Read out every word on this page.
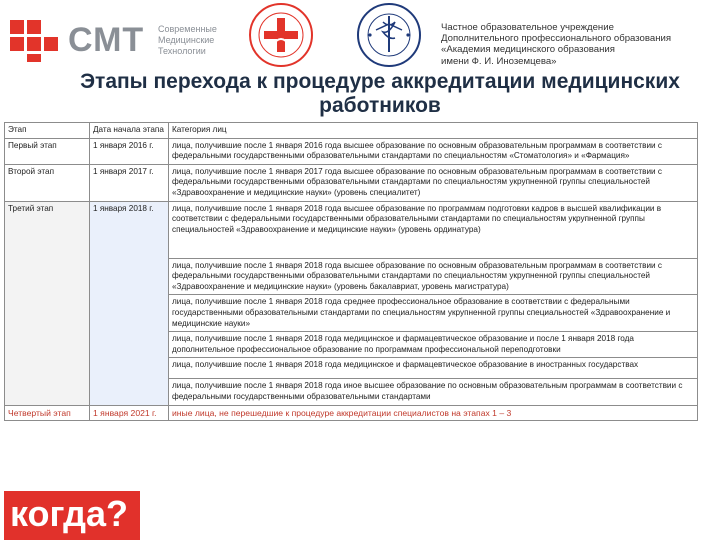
СМТ Современные
Медицинские
Технологии
Частное образовательное учреждение
Дополнительного профессионального образования
«Академия медицинского образования
имени Ф. И. Иноземцева»
Этапы перехода к процедуре аккредитации медицинских работников
Этап	Дата начала этапа	Категория лиц
Первый этап	1 января 2016 г.	лица, получившие после 1 января 2016 года высшее образование по основным образовательным программам в соответствии с федеральными государственными образовательными стандартами по специальностям «Стоматология» и «Фармация»
Второй этап	1 января 2017 г.	лица, получившие после 1 января 2017 года высшее образование по основным образовательным программам в соответствии с федеральными государственными образовательными стандартами по специальностям укрупненной группы специальностей «Здравоохранение и медицинские науки» (уровень специалитет)
Третий этап	1 января 2018 г.	лица, получившие после 1 января 2018 года высшее образование по программам подготовки кадров в высшей квалификации в соответствии с федеральными государственными образовательными стандартами по специальностям укрупненной группы специальностей «Здравоохранение и медицинские науки» (уровень ординатура)
		лица, получившие после 1 января 2018 года высшее образование по основным образовательным программам в соответствии с федеральными государственными образовательными стандартами по специальностям укрупненной группы специальностей «Здравоохранение и медицинские науки» (уровень бакалавриат, уровень магистратура)
		лица, получившие после 1 января 2018 года среднее профессиональное образование в соответствии с федеральными государственными образовательными стандартами по специальностям укрупненной группы специальностей «Здравоохранение и медицинские науки»
		лица, получившие после 1 января 2018 года медицинское и фармацевтическое образование и после 1 января 2018 года дополнительное профессиональное образование по программам профессиональной переподготовки
		лица, получившие после 1 января 2018 года медицинское и фармацевтическое образование в иностранных государствах
		лица, получившие после 1 января 2018 года иное высшее образование по основным образовательным программам в соответствии с федеральными государственными образовательными стандартами
Четвертый этап	1 января 2021 г.	иные лица, не перешедшие к процедуре аккредитации специалистов на этапах 1 – 3
когда?
